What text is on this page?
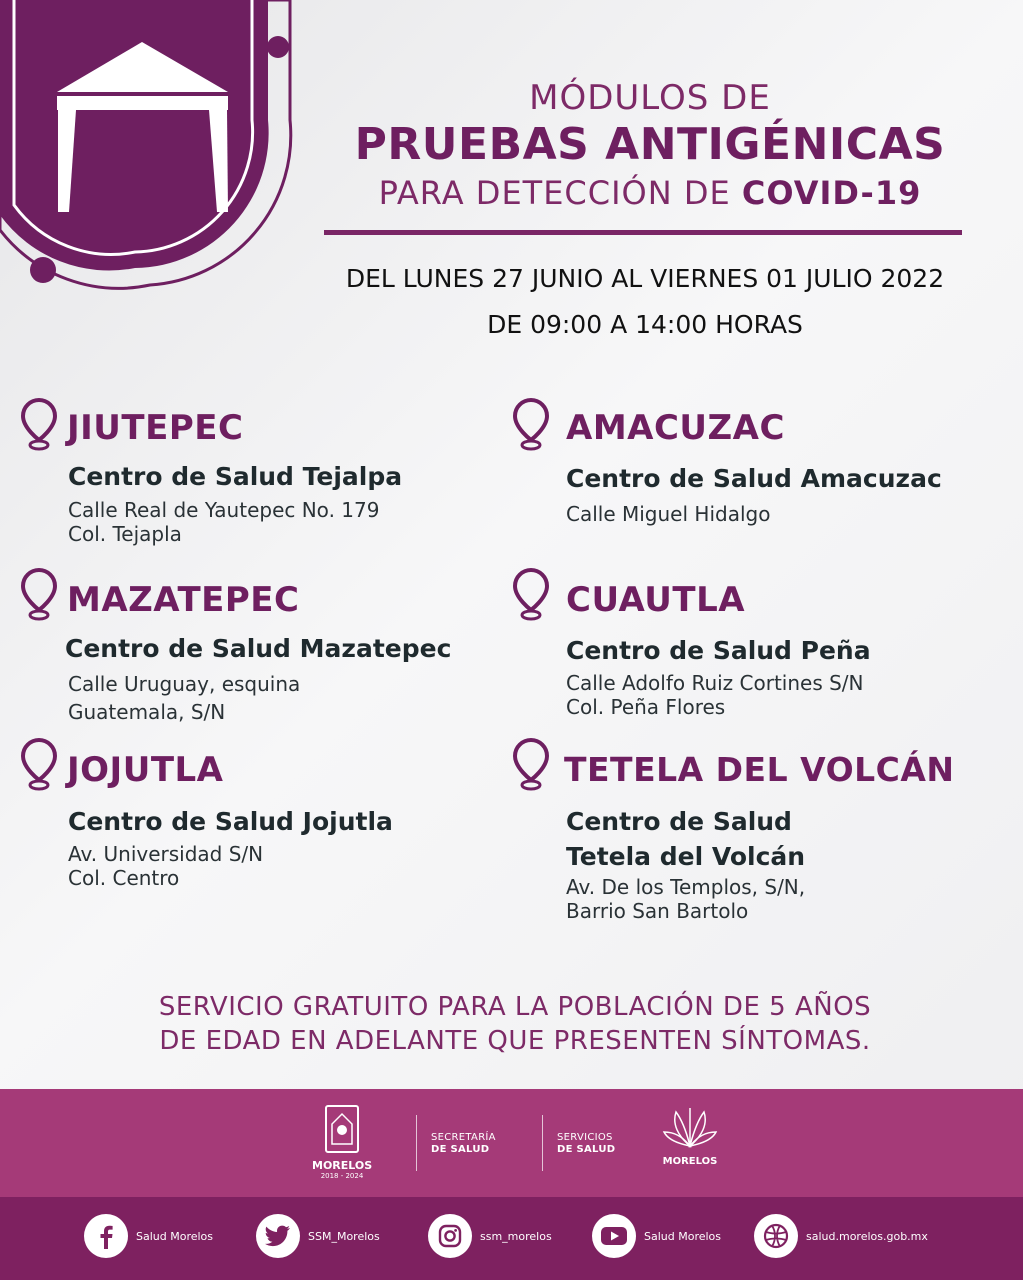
MÓDULOS DE
PRUEBAS ANTIGÉNICAS
PARA DETECCIÓN DE COVID-19
DEL LUNES 27 JUNIO AL VIERNES 01 JULIO 2022
DE 09:00 A 14:00 HORAS
JIUTEPEC
Centro de Salud Tejalpa
Calle Real de Yautepec No. 179
Col. Tejapla
AMACUZAC
Centro de Salud Amacuzac
Calle Miguel Hidalgo
MAZATEPEC
Centro de Salud Mazatepec
Calle Uruguay, esquina
Guatemala, S/N
CUAUTLA
Centro de Salud Peña
Calle Adolfo Ruiz Cortines S/N
Col. Peña Flores
JOJUTLA
Centro de Salud Jojutla
Av. Universidad S/N
Col. Centro
TETELA DEL VOLCÁN
Centro de Salud
Tetela del Volcán
Av. De los Templos, S/N,
Barrio San Bartolo
SERVICIO GRATUITO PARA LA POBLACIÓN DE 5 AÑOS
DE EDAD EN ADELANTE QUE PRESENTEN SÍNTOMAS.
MORELOS
2018 - 2024
SECRETARÍA
DE SALUD
SERVICIOS
DE SALUD
MORELOS
Salud Morelos	SSM_Morelos	ssm_morelos	Salud Morelos	salud.morelos.gob.mx
